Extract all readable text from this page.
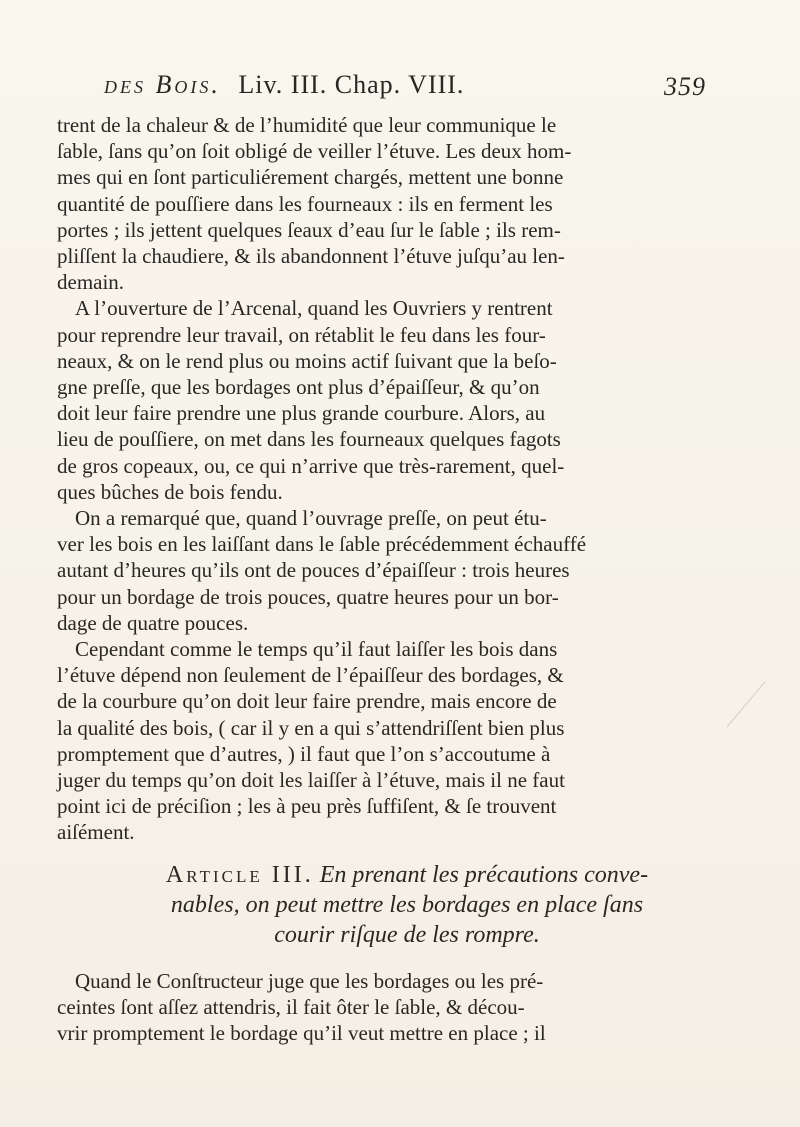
des Bois. Liv. III. Chap. VIII.	359

trent de la chaleur & de l’humidité que leur communique le
ſable, ſans qu’on ſoit obligé de veiller l’étuve. Les deux hom-
mes qui en ſont particuliérement chargés, mettent une bonne
quantité de pouſſiere dans les fourneaux : ils en ferment les
portes ; ils jettent quelques ſeaux d’eau ſur le ſable ; ils rem-
pliſſent la chaudiere, & ils abandonnent l’étuve juſqu’au len-
demain.

A l’ouverture de l’Arcenal, quand les Ouvriers y rentrent
pour reprendre leur travail, on rétablit le feu dans les four-
neaux, & on le rend plus ou moins actif ſuivant que la beſo-
gne preſſe, que les bordages ont plus d’épaiſſeur, & qu’on
doit leur faire prendre une plus grande courbure. Alors, au
lieu de pouſſiere, on met dans les fourneaux quelques fagots
de gros copeaux, ou, ce qui n’arrive que très-rarement, quel-
ques bûches de bois fendu.

On a remarqué que, quand l’ouvrage preſſe, on peut étu-
ver les bois en les laiſſant dans le ſable précédemment échauffé
autant d’heures qu’ils ont de pouces d’épaiſſeur : trois heures
pour un bordage de trois pouces, quatre heures pour un bor-
dage de quatre pouces.

Cependant comme le temps qu’il faut laiſſer les bois dans
l’étuve dépend non ſeulement de l’épaiſſeur des bordages, &
de la courbure qu’on doit leur faire prendre, mais encore de
la qualité des bois, ( car il y en a qui s’attendriſſent bien plus
promptement que d’autres, ) il faut que l’on s’accoutume à
juger du temps qu’on doit les laiſſer à l’étuve, mais il ne faut
point ici de préciſion ; les à peu près ſuffiſent, & ſe trouvent
aiſément.

Article III. En prenant les précautions conve-
nables, on peut mettre les bordages en place ſans
courir riſque de les rompre.

Quand le Conſtructeur juge que les bordages ou les pré-
ceintes ſont aſſez attendris, il fait ôter le ſable, & décou-
vrir promptement le bordage qu’il veut mettre en place ; il
